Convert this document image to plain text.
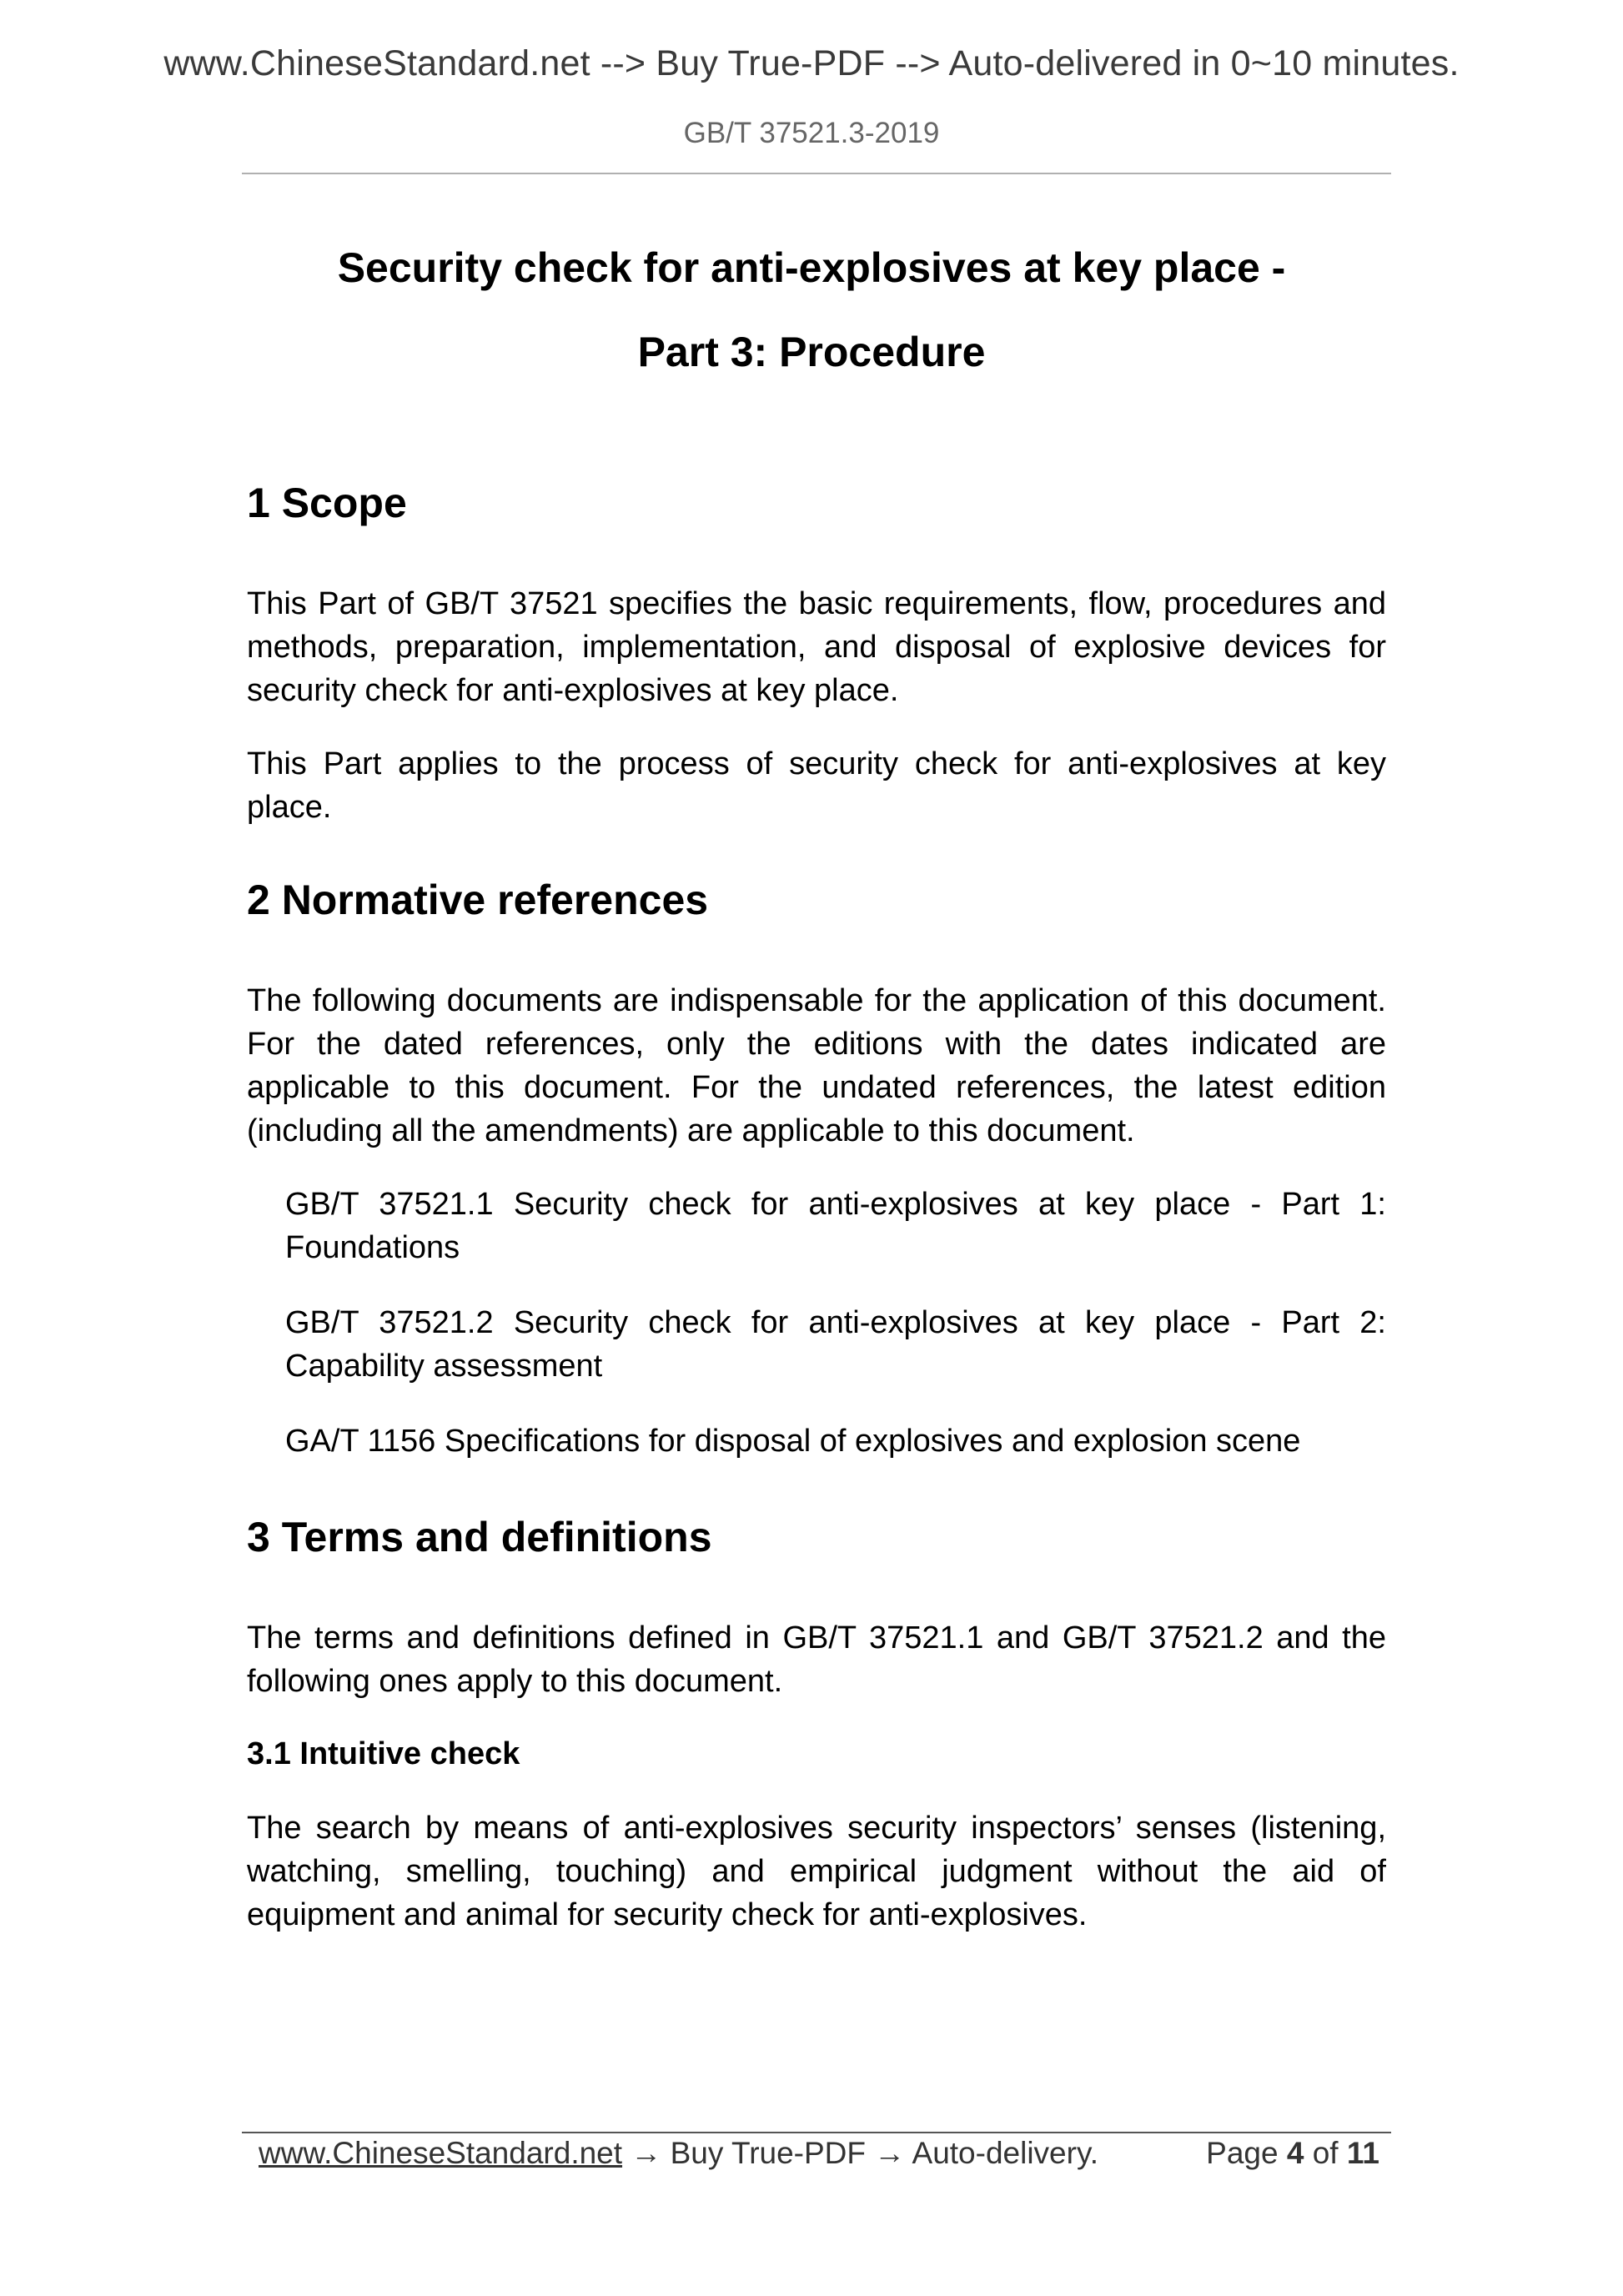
www.ChineseStandard.net --> Buy True-PDF --> Auto-delivered in 0~10 minutes.
GB/T 37521.3-2019
Security check for anti-explosives at key place -
Part 3: Procedure
1 Scope
This Part of GB/T 37521 specifies the basic requirements, flow, procedures and methods, preparation, implementation, and disposal of explosive devices for security check for anti-explosives at key place.
This Part applies to the process of security check for anti-explosives at key place.
2 Normative references
The following documents are indispensable for the application of this document. For the dated references, only the editions with the dates indicated are applicable to this document. For the undated references, the latest edition (including all the amendments) are applicable to this document.
GB/T 37521.1 Security check for anti-explosives at key place - Part 1: Foundations
GB/T 37521.2 Security check for anti-explosives at key place - Part 2: Capability assessment
GA/T 1156 Specifications for disposal of explosives and explosion scene
3 Terms and definitions
The terms and definitions defined in GB/T 37521.1 and GB/T 37521.2 and the following ones apply to this document.
3.1 Intuitive check
The search by means of anti-explosives security inspectors’ senses (listening, watching, smelling, touching) and empirical judgment without the aid of equipment and animal for security check for anti-explosives.
www.ChineseStandard.net → Buy True-PDF → Auto-delivery.	Page 4 of 11
